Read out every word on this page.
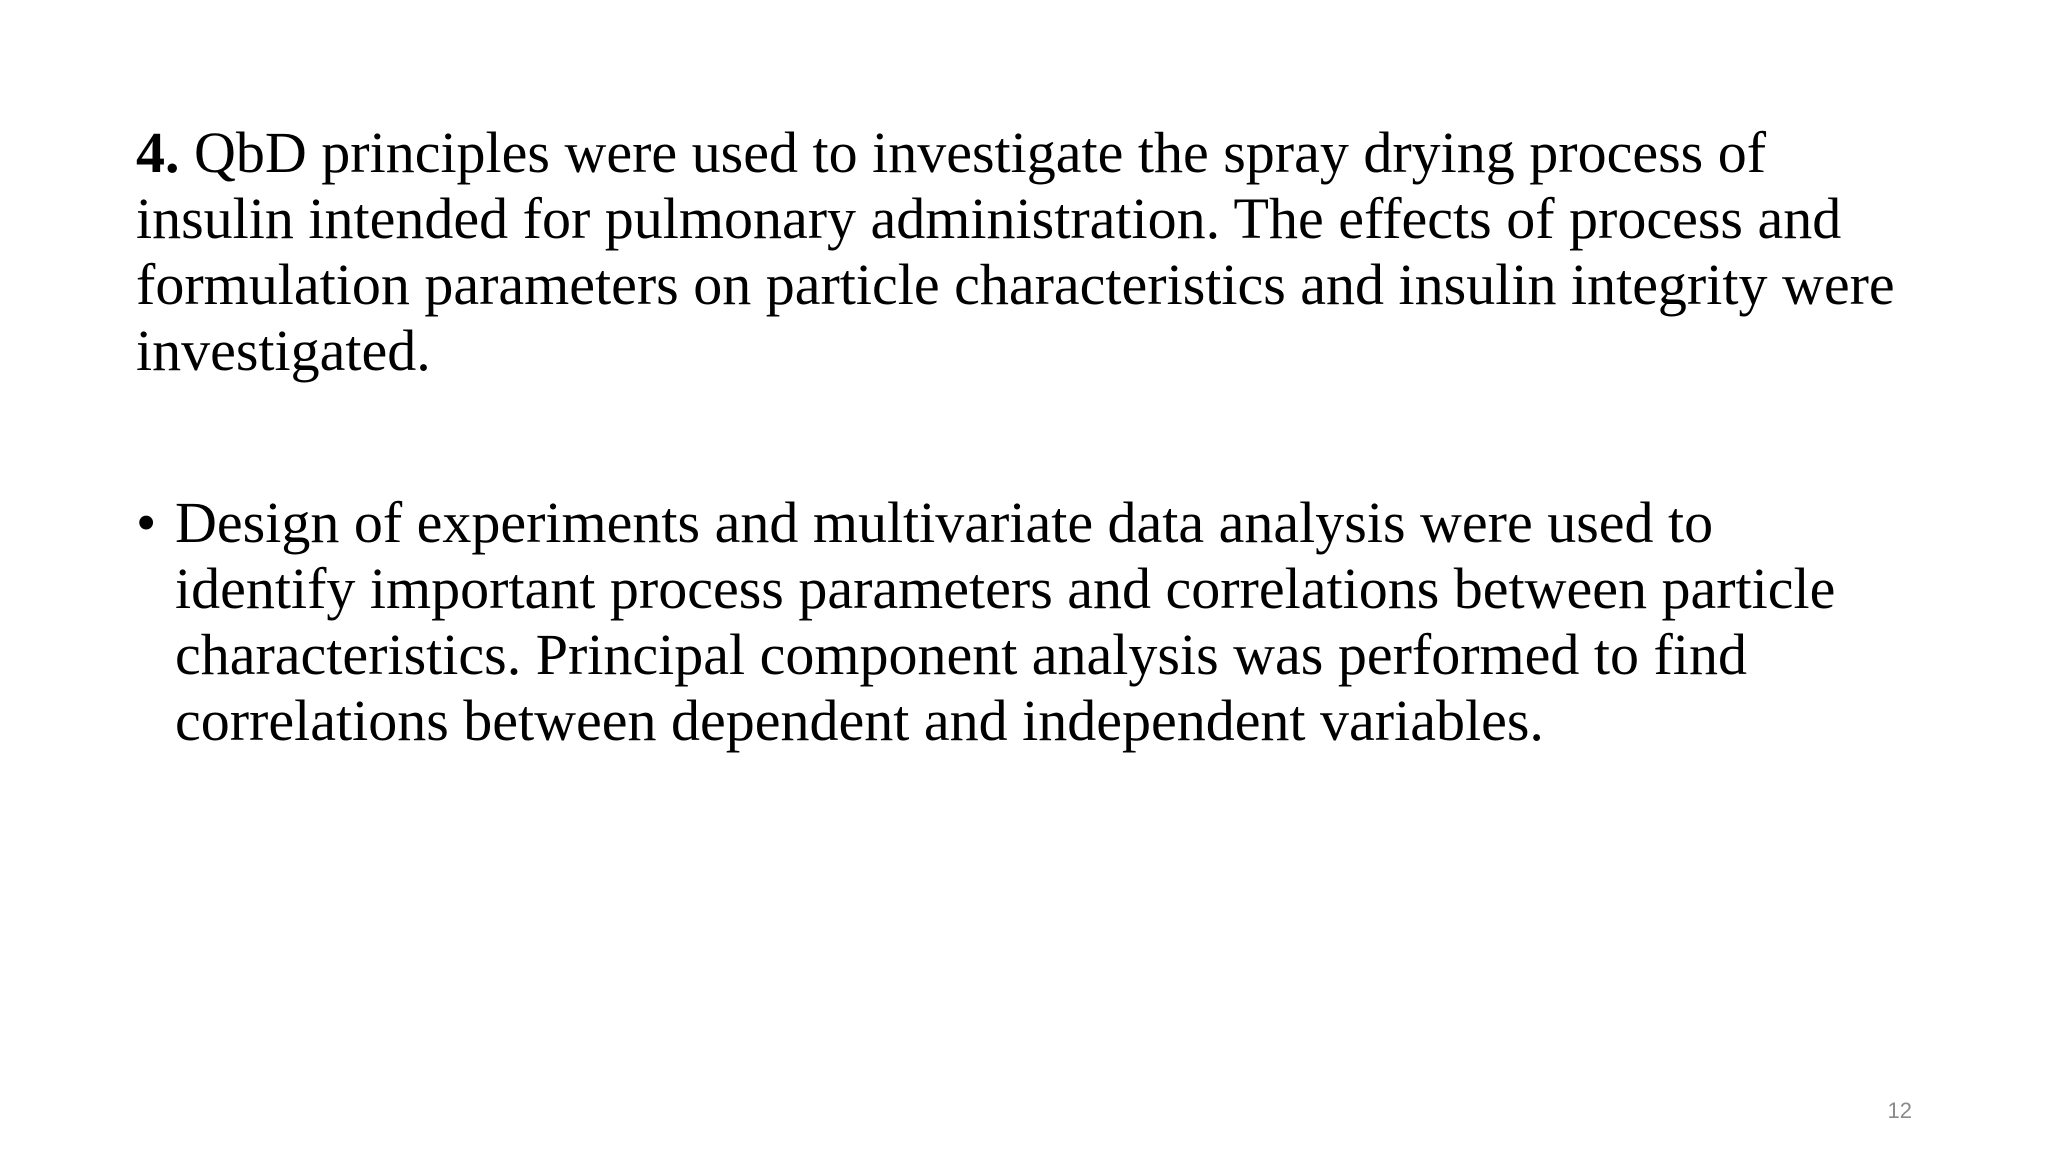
4. QbD principles were used to investigate the spray drying process of insulin intended for pulmonary administration. The effects of process and formulation parameters on particle characteristics and insulin integrity were investigated.

• Design of experiments and multivariate data analysis were used to identify important process parameters and correlations between particle characteristics. Principal component analysis was performed to find correlations between dependent and independent variables.
12
